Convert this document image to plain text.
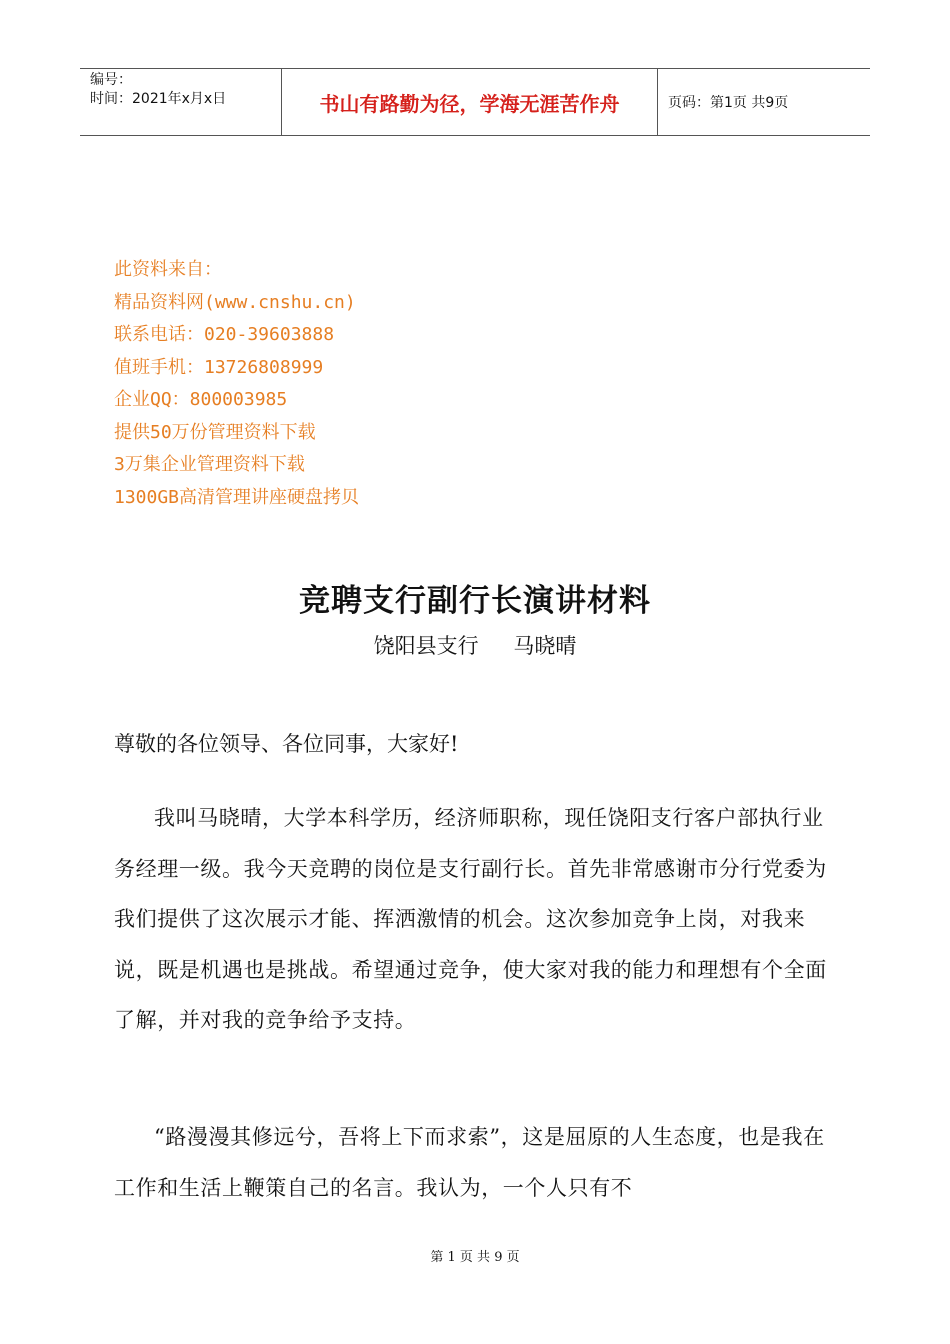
编号：
时间：2021年x月x日	书山有路勤为径，学海无涯苦作舟	页码：第1页 共9页
此资料来自：
精品资料网(www.cnshu.cn)
联系电话：020-39603888
值班手机：13726808999
企业QQ：800003985
提供50万份管理资料下载
3万集企业管理资料下载
1300GB高清管理讲座硬盘拷贝
竞聘支行副行长演讲材料
饶阳县支行 马晓晴
尊敬的各位领导、各位同事，大家好!

我叫马晓晴，大学本科学历，经济师职称，现任饶阳支行客户部执行业务经理一级。我今天竞聘的岗位是支行副行长。首先非常感谢市分行党委为我们提供了这次展示才能、挥洒激情的机会。这次参加竞争上岗，对我来说，既是机遇也是挑战。希望通过竞争，使大家对我的能力和理想有个全面了解，并对我的竞争给予支持。

“路漫漫其修远兮，吾将上下而求索”，这是屈原的人生态度，也是我在工作和生活上鞭策自己的名言。我认为，一个人只有不

第 1 页 共 9 页
